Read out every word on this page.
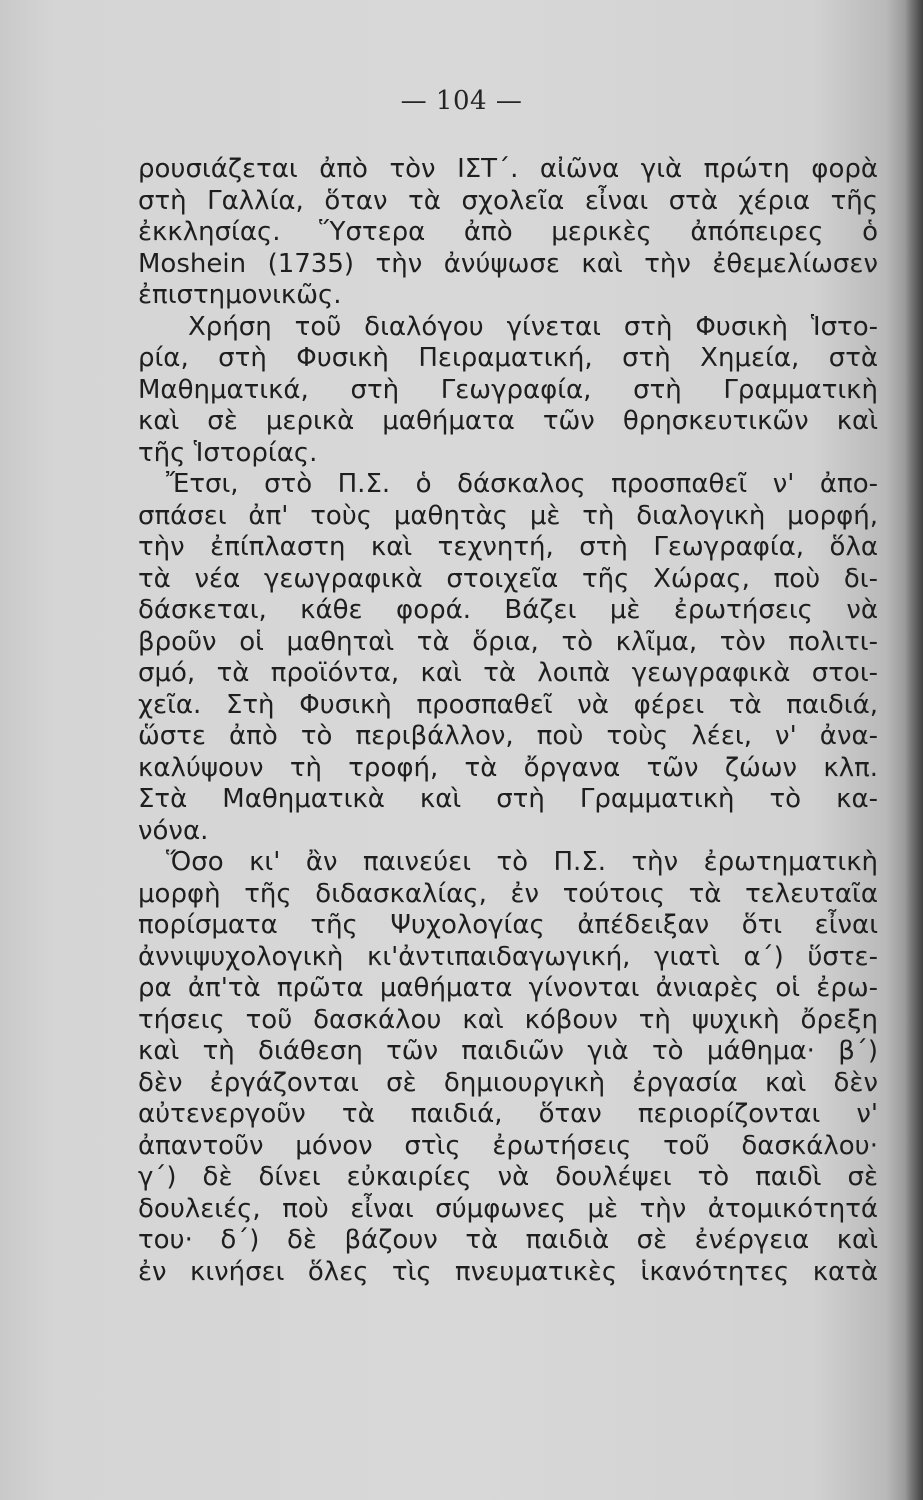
— 104 —
ρουσιάζεται ἀπὸ τὸν ΙΣΤ΄. αἰῶνα γιὰ πρώτη φορὰ
στὴ Γαλλία, ὅταν τὰ σχολεῖα εἶναι στὰ χέρια τῆς
ἐκκλησίας. Ὕστερα ἀπὸ μερικὲς ἀπόπειρες ὁ
Moshein (1735) τὴν ἀνύψωσε καὶ τὴν ἐθεμελίωσεν
ἐπιστημονικῶς.
Χρήση τοῦ διαλόγου γίνεται στὴ Φυσικὴ Ἱστο-
ρία, στὴ Φυσικὴ Πειραματική, στὴ Χημεία, στὰ
Μαθηματικά, στὴ Γεωγραφία, στὴ Γραμματικὴ
καὶ σὲ μερικὰ μαθήματα τῶν θρησκευτικῶν καὶ
τῆς Ἱστορίας.
Ἔτσι, στὸ Π.Σ. ὁ δάσκαλος προσπαθεῖ ν' ἀπο-
σπάσει ἀπ' τοὺς μαθητὰς μὲ τὴ διαλογικὴ μορφή,
τὴν ἐπίπλαστη καὶ τεχνητή, στὴ Γεωγραφία, ὅλα
τὰ νέα γεωγραφικὰ στοιχεῖα τῆς Χώρας, ποὺ δι-
δάσκεται, κάθε φορά. Βάζει μὲ ἐρωτήσεις νὰ
βροῦν οἱ μαθηταὶ τὰ ὅρια, τὸ κλῖμα, τὸν πολιτι-
σμό, τὰ προϊόντα, καὶ τὰ λοιπὰ γεωγραφικὰ στοι-
χεῖα. Στὴ Φυσικὴ προσπαθεῖ νὰ φέρει τὰ παιδιά,
ὥστε ἀπὸ τὸ περιβάλλον, ποὺ τοὺς λέει, ν' ἀνα-
καλύψουν τὴ τροφή, τὰ ὄργανα τῶν ζώων κλπ.
Στὰ Μαθηματικὰ καὶ στὴ Γραμματικὴ τὸ κα-
νόνα.
Ὅσο κι' ἂν παινεύει τὸ Π.Σ. τὴν ἐρωτηματικὴ
μορφὴ τῆς διδασκαλίας, ἐν τούτοις τὰ τελευταῖα
πορίσματα τῆς Ψυχολογίας ἀπέδειξαν ὅτι εἶναι
ἀννιψυχολογικὴ κι'ἀντιπαιδαγωγική, γιατὶ α΄) ὕστε-
ρα ἀπ'τὰ πρῶτα μαθήματα γίνονται ἀνιαρὲς οἱ ἐρω-
τήσεις τοῦ δασκάλου καὶ κόβουν τὴ ψυχικὴ ὄρεξη
καὶ τὴ διάθεση τῶν παιδιῶν γιὰ τὸ μάθημα· β΄)
δὲν ἐργάζονται σὲ δημιουργικὴ ἐργασία καὶ δὲν
αὐτενεργοῦν τὰ παιδιά, ὅταν περιορίζονται ν'
ἀπαντοῦν μόνον στὶς ἐρωτήσεις τοῦ δασκάλου·
γ΄) δὲ δίνει εὐκαιρίες νὰ δουλέψει τὸ παιδὶ σὲ
δουλειές, ποὺ εἶναι σύμφωνες μὲ τὴν ἀτομικότητά
του· δ΄) δὲ βάζουν τὰ παιδιὰ σὲ ἐνέργεια καὶ
ἐν κινήσει ὅλες τὶς πνευματικὲς ἱκανότητες κατὰ
